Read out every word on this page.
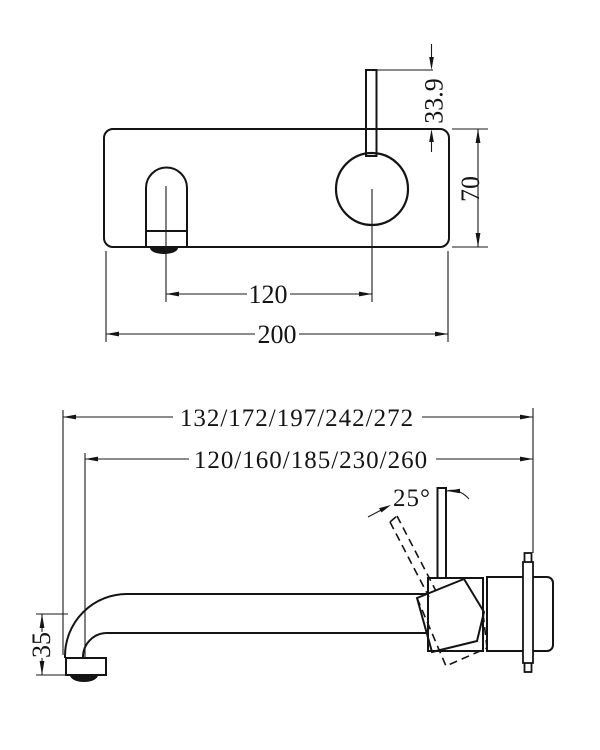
33.9
70
120
200
132/172/197/242/272
120/160/185/230/260
35
25°
